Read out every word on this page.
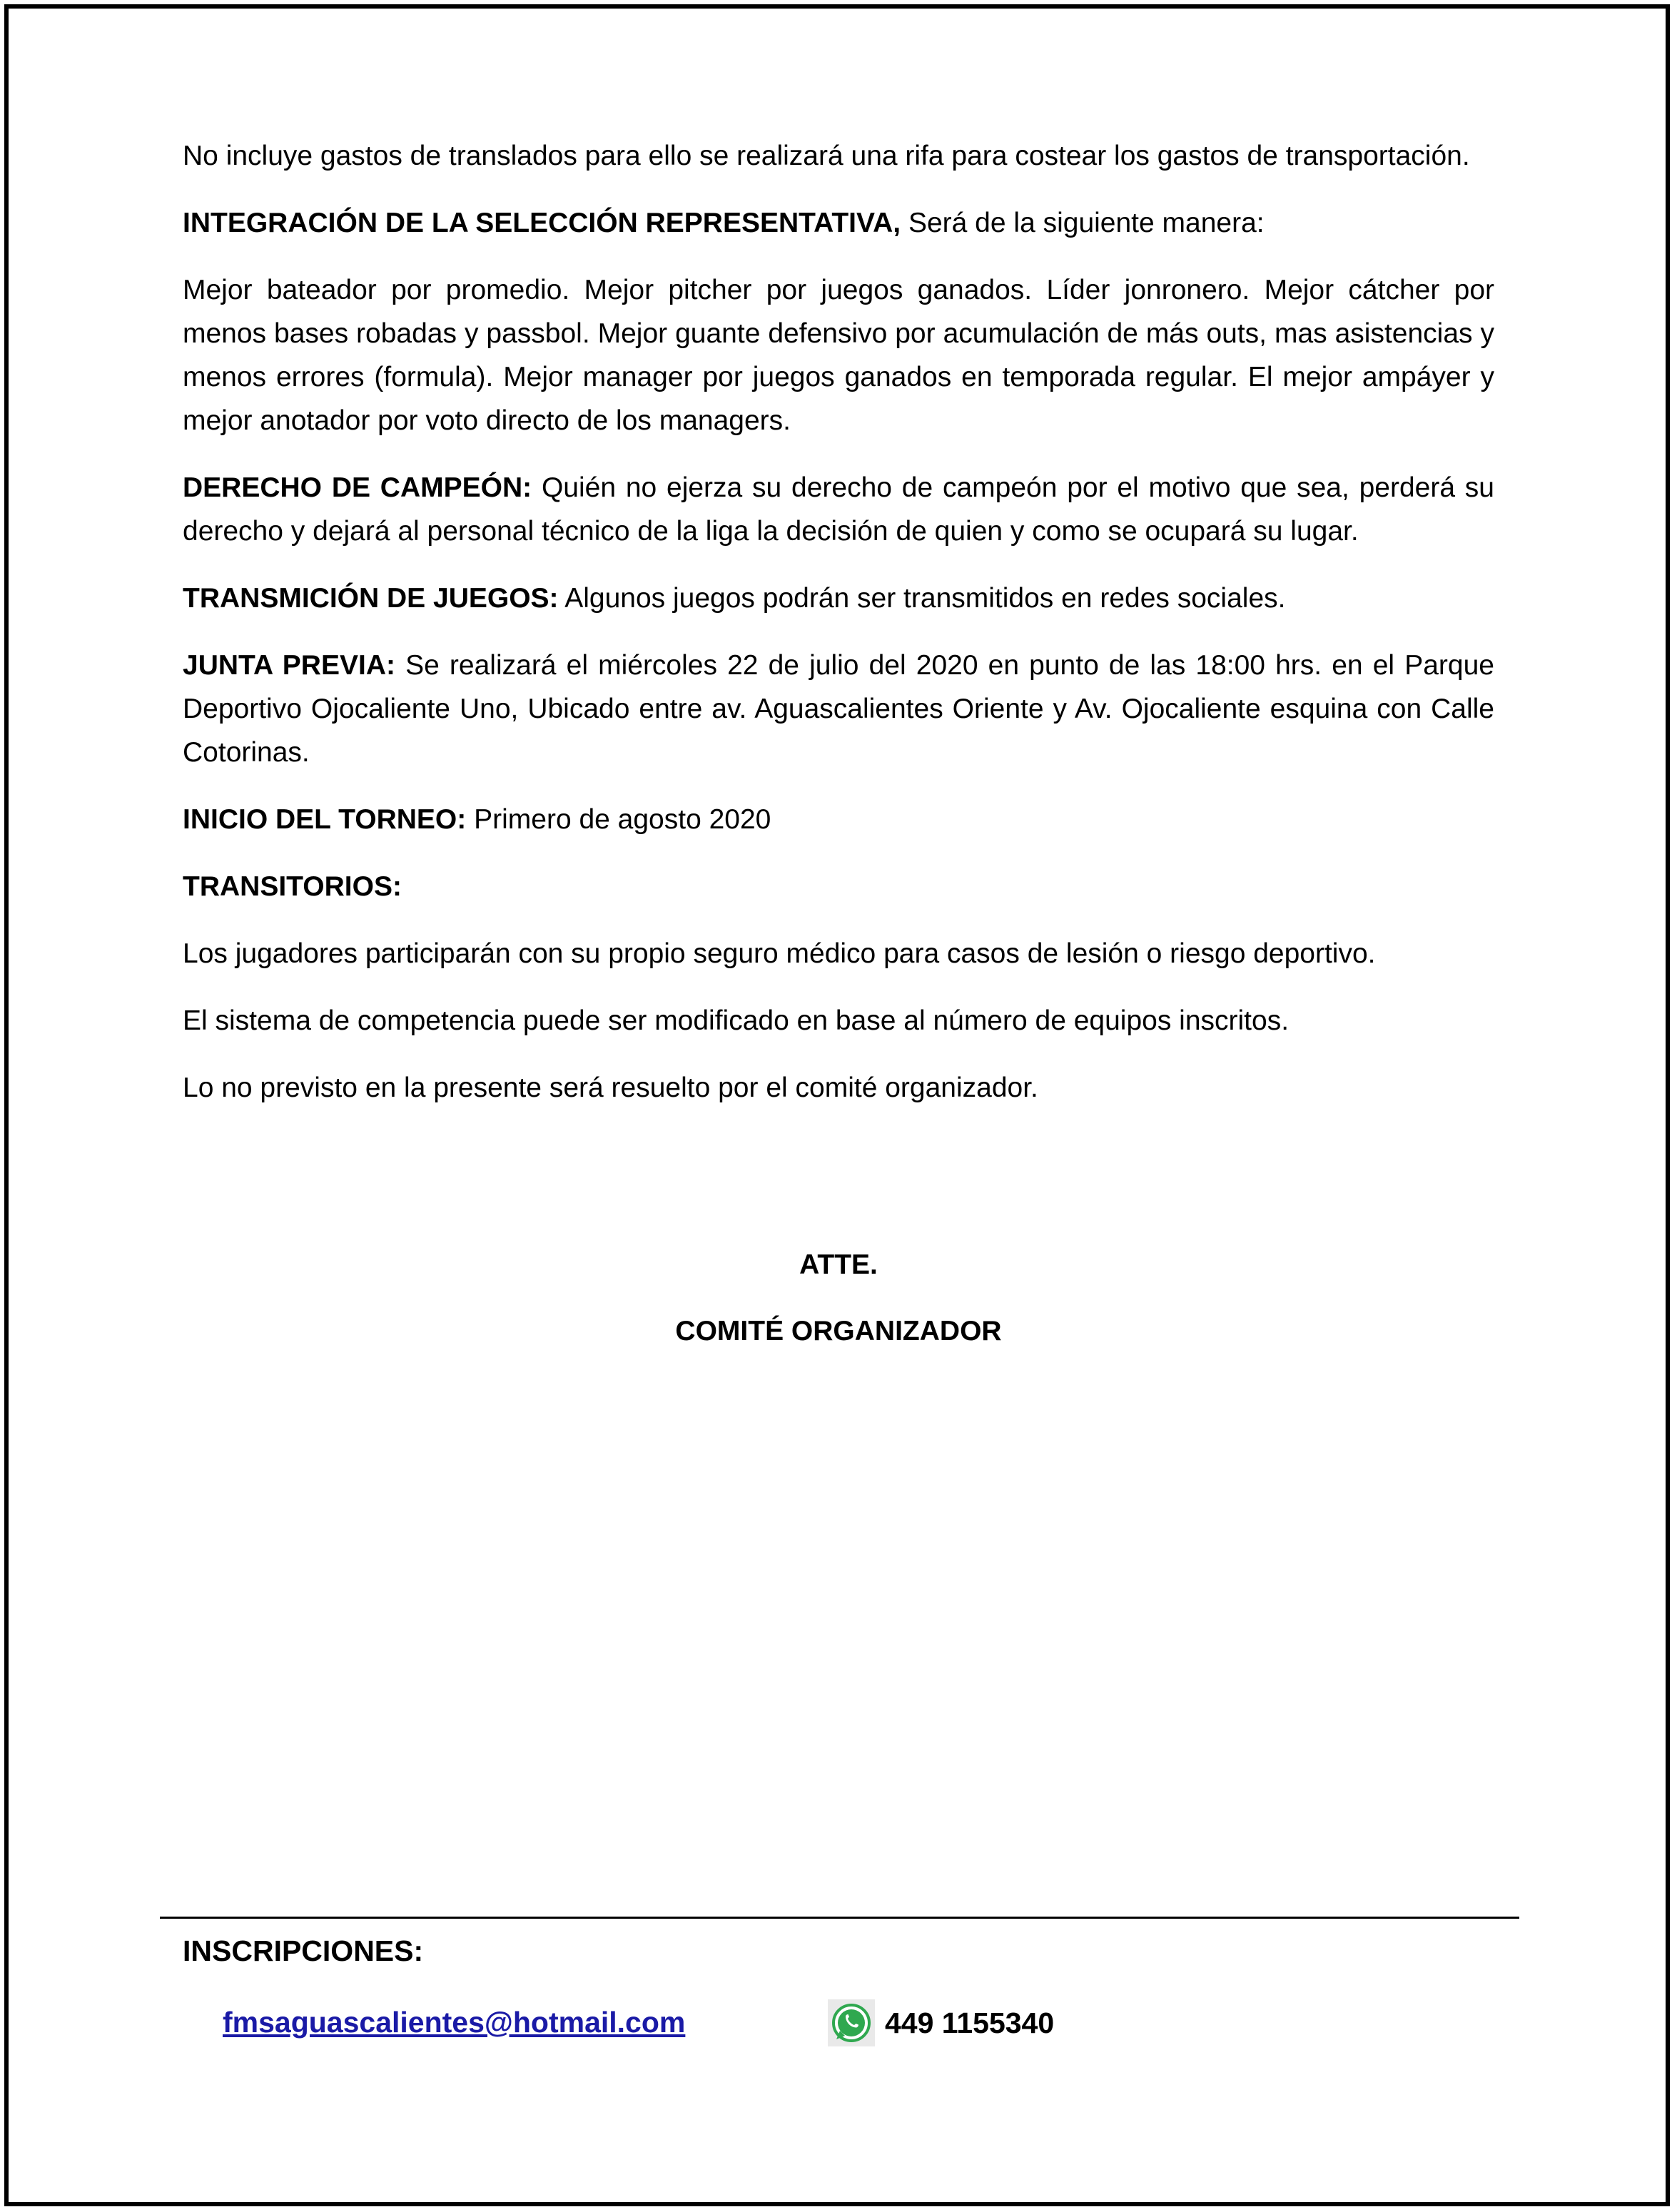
No incluye gastos de translados para ello se realizará una rifa para costear los gastos de transportación.

INTEGRACIÓN DE LA SELECCIÓN REPRESENTATIVA, Será de la siguiente manera:

Mejor bateador por promedio. Mejor pitcher por juegos ganados. Líder jonronero. Mejor cátcher por menos bases robadas y passbol. Mejor guante defensivo por acumulación de más outs, mas asistencias y menos errores (formula). Mejor manager por juegos ganados en temporada regular. El mejor ampáyer y mejor anotador por voto directo de los managers.

DERECHO DE CAMPEÓN: Quién no ejerza su derecho de campeón por el motivo que sea, perderá su derecho y dejará al personal técnico de la liga la decisión de quien y como se ocupará su lugar.

TRANSMICIÓN DE JUEGOS: Algunos juegos podrán ser transmitidos en redes sociales.

JUNTA PREVIA: Se realizará el miércoles 22 de julio del 2020 en punto de las 18:00 hrs. en el Parque Deportivo Ojocaliente Uno, Ubicado entre av. Aguascalientes Oriente y Av. Ojocaliente esquina con Calle Cotorinas.

INICIO DEL TORNEO: Primero de agosto 2020

TRANSITORIOS:

Los jugadores participarán con su propio seguro médico para casos de lesión o riesgo deportivo.

El sistema de competencia puede ser modificado en base al número de equipos inscritos.

Lo no previsto en la presente será resuelto por el comité organizador.

ATTE.
COMITÉ ORGANIZADOR
INSCRIPCIONES:
fmsaguascalientes@hotmail.com	449 1155340
